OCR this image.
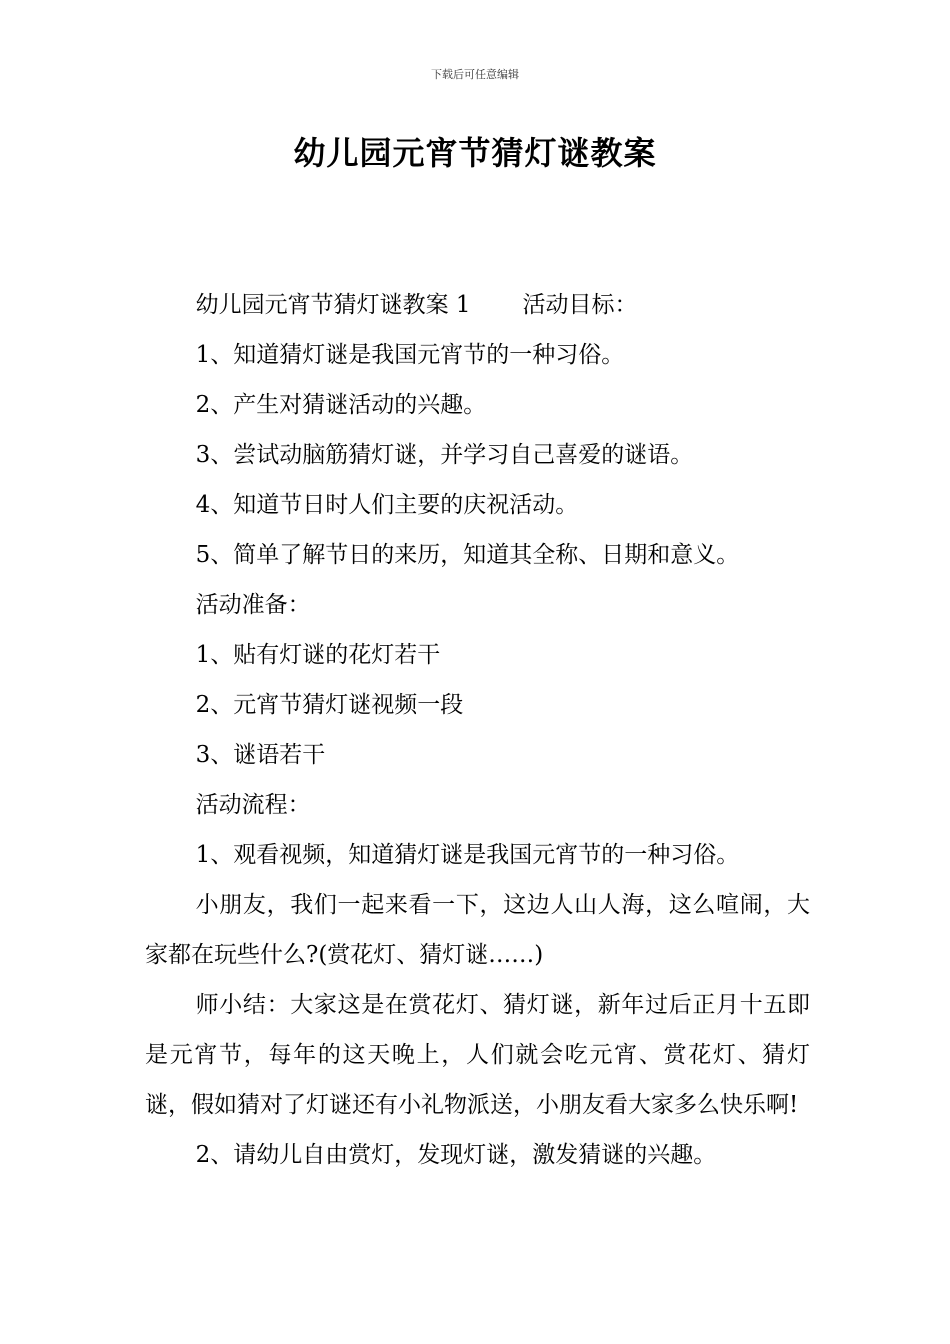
下载后可任意编辑
幼儿园元宵节猜灯谜教案

幼儿园元宵节猜灯谜教案 1 活动目标：

1、知道猜灯谜是我国元宵节的一种习俗。

2、产生对猜谜活动的兴趣。

3、尝试动脑筋猜灯谜，并学习自己喜爱的谜语。

4、知道节日时人们主要的庆祝活动。

5、简单了解节日的来历，知道其全称、日期和意义。

活动准备：

1、贴有灯谜的花灯若干

2、元宵节猜灯谜视频一段

3、谜语若干

活动流程：

1、观看视频，知道猜灯谜是我国元宵节的一种习俗。

小朋友，我们一起来看一下，这边人山人海，这么喧闹，大家都在玩些什么?(赏花灯、猜灯谜……)

师小结：大家这是在赏花灯、猜灯谜，新年过后正月十五即是元宵节，每年的这天晚上，人们就会吃元宵、赏花灯、猜灯谜，假如猜对了灯谜还有小礼物派送，小朋友看大家多么快乐啊!

2、请幼儿自由赏灯，发现灯谜，激发猜谜的兴趣。
